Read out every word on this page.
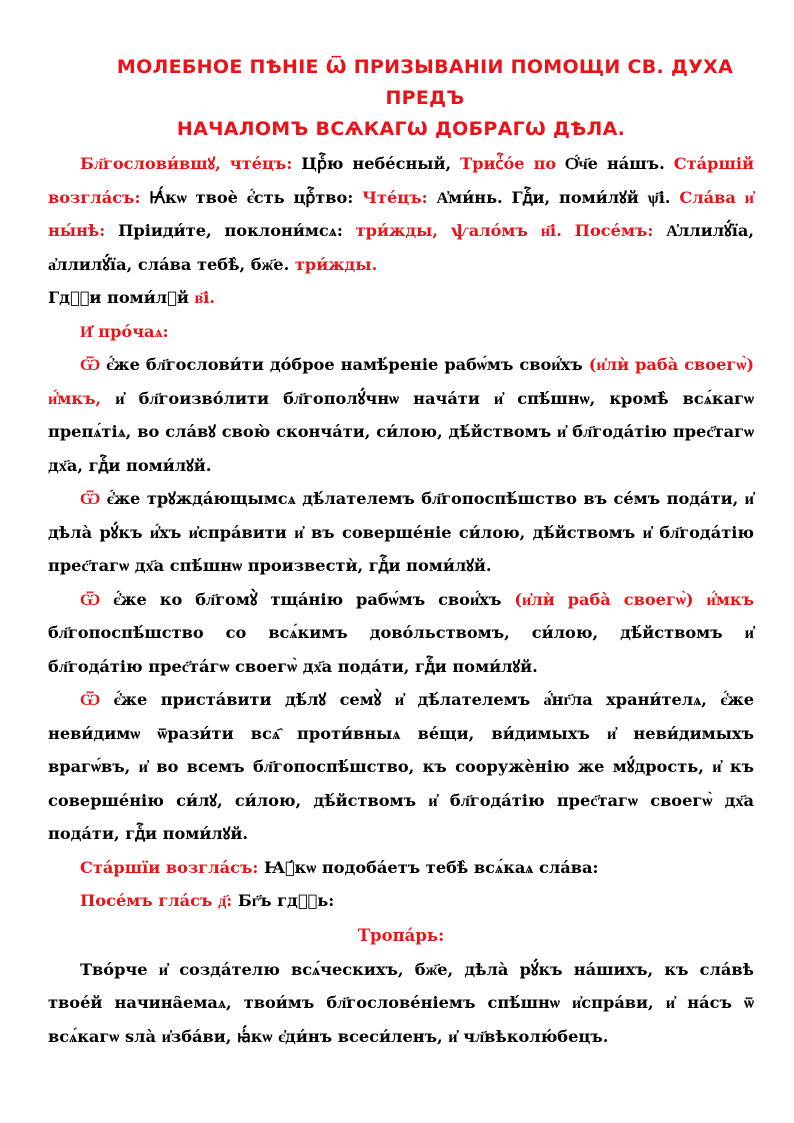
МОЛЕБНОЕ ПѢНІЕ Ѿ ПРИЗЫВАНІИ ПОМОЩИ СВ. ДУХА ПРЕДЪ
НАЧАЛОМЪ ВСѦКАГѠ ДОБРАГѠ ДѢЛА.

Бл҃гослови́вшꙋ, чте́цъ: Црⷭ҇ю небе́сный, Трисⷮ҇о́е по Ѻ҆́ч҃е на́шъ. Ста́ршій возгла́съ: Ꙗ҆́кѡ твоѐ є҆́сть црⷭ҇тво: Чте́цъ: А҆ми́нь. Гдⷭ҇и, поми́лꙋй ѱ҃і. Сла́ва и҆ ны́нѣ: Пріиди́те, поклони́мсѧ: три́жды, ѱало́мъ н҃і. Посе́мъ: А҆ллилꙋ́їа, а҆ллилꙋ́їа, сла́ва тебѣ̀, бж҃е. три́жды.

Гдⷭ҇и поми́лꙋй в҃і.

И҆ про́чаѧ:

Ѿ є҆́же бл҃гослови́ти до́брое намѣ́реніе рабѡ́мъ свои҆́хъ (и҆лѝ раба̀ своегѡ̀) и҆́мкъ, и҆ бл҃гоизво́лити бл҃гополꙋ́чнѡ нача́ти и҆ спѣ́шнѡ, кромѣ̀ всѧ́кагѡ препѧ́тіѧ, во сла́вꙋ свою̀ сконча́ти, си́лою, дѣ́йствомъ и҆ бл҃года́тію прес҃тагѡ дх҃а, гдⷭ҇и поми́лꙋй.

Ѿ є҆́же трꙋжда́ющымсѧ дѣ́лателемъ бл҃гопоспѣ́шство въ се́мъ пода́ти, и҆ дѣла̀ рꙋ́къ и҆́хъ и҆спра́вити и҆ въ соверше́ніе си́лою, дѣ́йствомъ и҆ бл҃года́тію прес҃тагѡ дх҃а спѣ́шнѡ произвестѝ, гдⷭ҇и поми́лꙋй.

Ѿ є҆́же ко бл҃гомꙋ̀ тща́нію рабѡ́мъ свои҆́хъ (и҆лѝ раба̀ своегѡ̀) и҆́мкъ бл҃гопоспѣ́шство со всѧ́кимъ дово́льствомъ, си́лою, дѣ́йствомъ и҆ бл҃года́тію прес҃та́гѡ своегѡ̀ дх҃а пода́ти, гдⷭ҇и поми́лꙋй.

Ѿ є҆́же приста́вити дѣ́лꙋ семꙋ̀ и҆ дѣ́лателемъ а҆́нг҃ла храни́телѧ, є҆́же неви́димѡ ѿрази́ти всѧ҄ проти́вныѧ ве́щи, ви́димыхъ и҆ неви́димыхъ врагѡ́въ, и҆ во всемъ бл҃гопоспѣ́шство, къ сооружѐнію же мꙋ́дрость, и҆ къ соверше́нію си́лꙋ, си́лою, дѣ́йствомъ и҆ бл҃года́тію прес҃тагѡ своегѡ̀ дх҃а пода́ти, гдⷭ҇и поми́лꙋй.

Ста́ршїи возгла́съ: Ꙗ҆́кѡ подоба́етъ тебѣ̀ всѧ́каѧ сла́ва:

Посе́мъ гла́съ д҃: Бг҃ъ гдⷭ҇ь:

Тропа́рь:

Тво́рче и҆ созда́телю всѧ́ческихъ, бж҃е, дѣла̀ рꙋ́къ на́шихъ, къ сла́вѣ твое́й начина̑емаѧ, твои́мъ бл҃гослове́ніемъ спѣ́шнѡ и҆спра́ви, и҆ на́съ ѿ всѧ́кагѡ ѕла̀ и҆зба́ви, ꙗ҆́кѡ є҆ди́нъ всеси́ленъ, и҆ чл҃вѣколю́бецъ.
